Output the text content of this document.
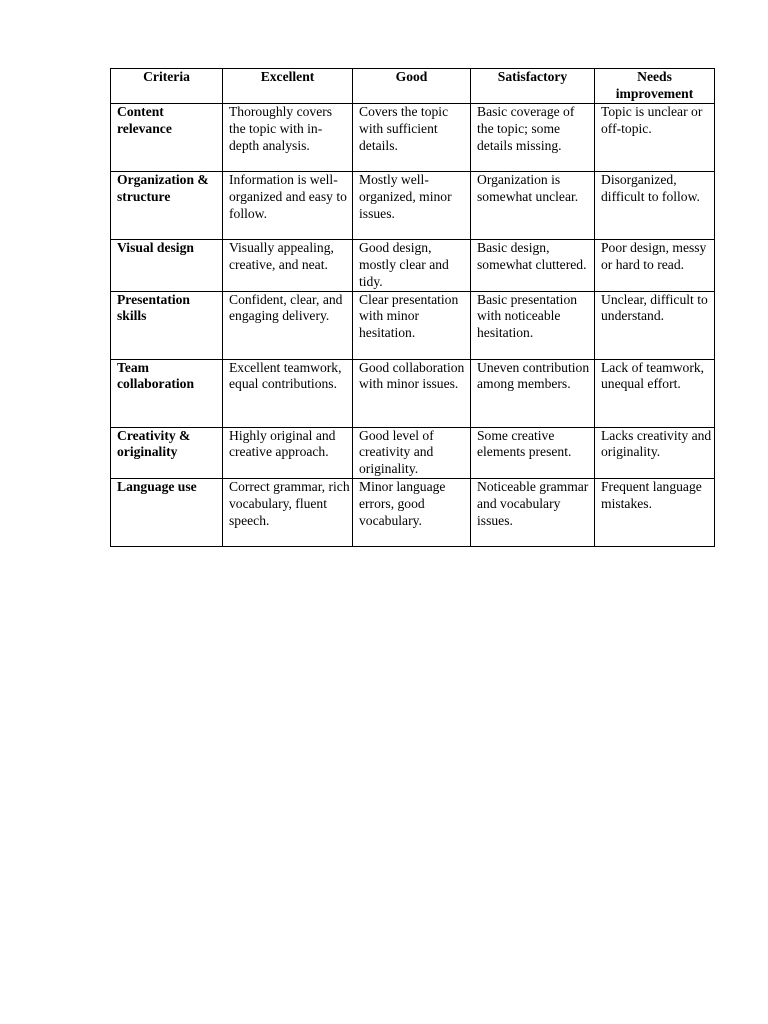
Criteria	Excellent	Good	Satisfactory	Needs improvement
Content relevance	Thoroughly covers the topic with in-depth analysis.	Covers the topic with sufficient details.	Basic coverage of the topic; some details missing.	Topic is unclear or off-topic.
Organization & structure	Information is well-organized and easy to follow.	Mostly well-organized, minor issues.	Organization is somewhat unclear.	Disorganized, difficult to follow.
Visual design	Visually appealing, creative, and neat.	Good design, mostly clear and tidy.	Basic design, somewhat cluttered.	Poor design, messy or hard to read.
Presentation skills	Confident, clear, and engaging delivery.	Clear presentation with minor hesitation.	Basic presentation with noticeable hesitation.	Unclear, difficult to understand.
Team collaboration	Excellent teamwork, equal contributions.	Good collaboration with minor issues.	Uneven contribution among members.	Lack of teamwork, unequal effort.
Creativity & originality	Highly original and creative approach.	Good level of creativity and originality.	Some creative elements present.	Lacks creativity and originality.
Language use	Correct grammar, rich vocabulary, fluent speech.	Minor language errors, good vocabulary.	Noticeable grammar and vocabulary issues.	Frequent language mistakes.
